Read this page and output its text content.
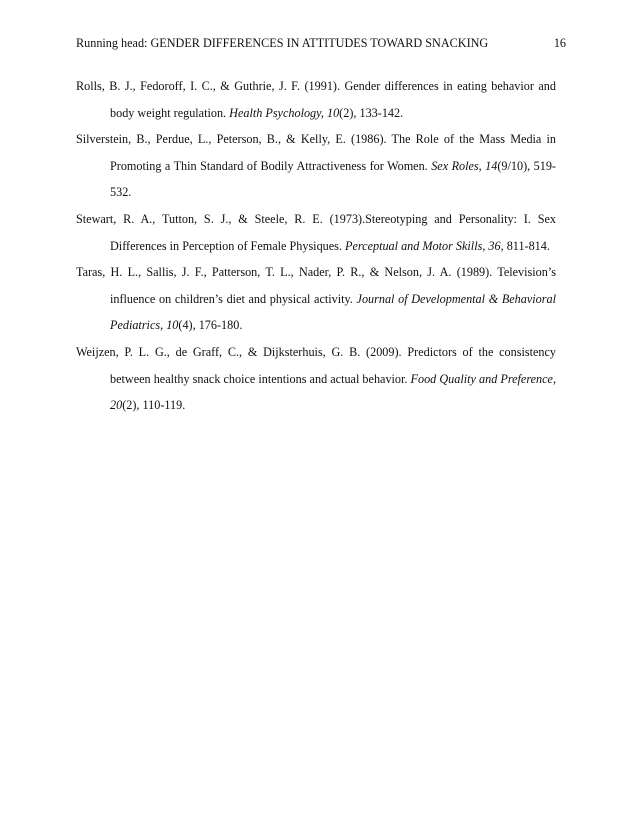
Running head: GENDER DIFFERENCES IN ATTITUDES TOWARD SNACKING	16

Rolls, B. J., Fedoroff, I. C., & Guthrie, J. F. (1991). Gender differences in eating behavior and body weight regulation. Health Psychology, 10(2), 133-142.

Silverstein, B., Perdue, L., Peterson, B., & Kelly, E. (1986). The Role of the Mass Media in Promoting a Thin Standard of Bodily Attractiveness for Women. Sex Roles, 14(9/10), 519-532.

Stewart, R. A., Tutton, S. J., & Steele, R. E. (1973).Stereotyping and Personality: I. Sex Differences in Perception of Female Physiques. Perceptual and Motor Skills, 36, 811-814.

Taras, H. L., Sallis, J. F., Patterson, T. L., Nader, P. R., & Nelson, J. A. (1989). Television’s influence on children’s diet and physical activity. Journal of Developmental & Behavioral Pediatrics, 10(4), 176-180.

Weijzen, P. L. G., de Graff, C., & Dijksterhuis, G. B. (2009). Predictors of the consistency between healthy snack choice intentions and actual behavior. Food Quality and Preference, 20(2), 110-119.
